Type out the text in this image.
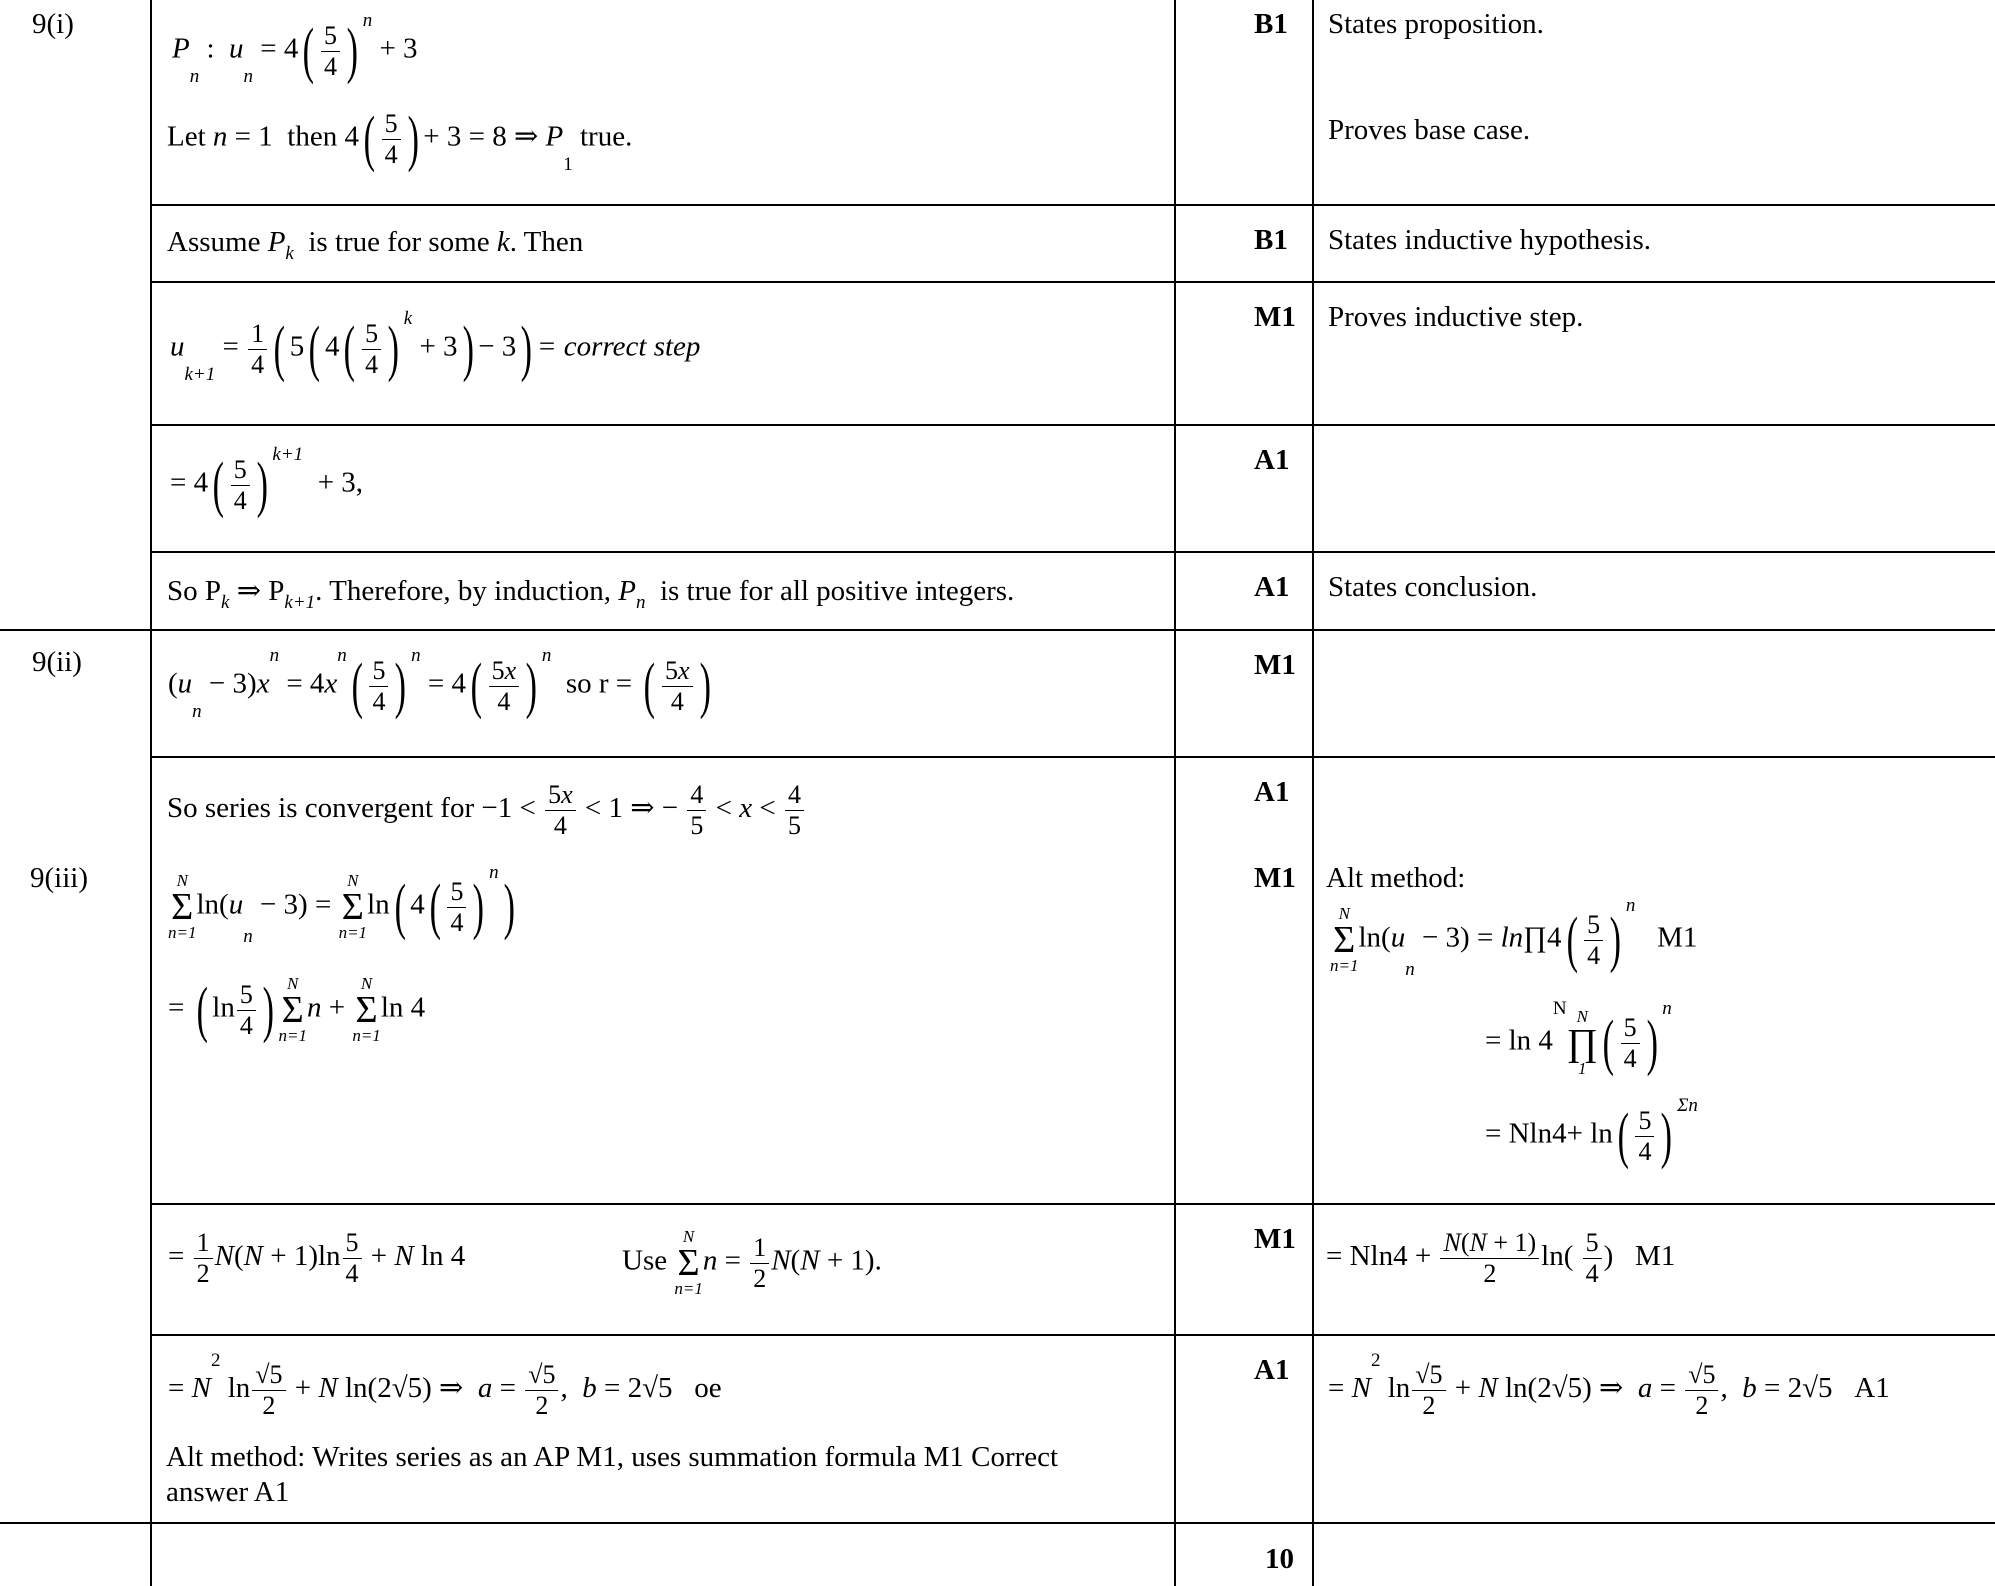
9(i)
9(ii)
9(iii)
B1
B1
M1
A1
A1
M1
A1
M1
M1
A1
10
States proposition.
Proves base case.
States inductive hypothesis.
Proves inductive step.
States conclusion.
Alt method:
$P_n$ :  $u_n = 4( \frac{5}{4}$ ) $^n$ + 3
Let n = 1  then $4( \frac{5}{4}$ ) + 3 = 8 ⇒ $P_1$ true.
Assume $P_k$ is true for some k. Then
$u_{k+1} = \frac{1}{4}$ ( 5( $4( \frac{5}{4}$ ) $^k$ + 3) − 3) = correct step
= $4( \frac{5}{4}$ ) $^{k+1}$  + 3,
So $P_k$ ⇒ $P_{k+1}$. Therefore, by induction, $P_n$ is true for all positive integers.
$(u_n - 3)x^n = 4x^n( \frac{5}{4}$ ) $^n = 4( \frac{5x}{4}$ ) $^n$  so r = ( $\frac{5x}{4}$ )
So series is convergent for $-1 < \frac{5x}{4} < 1$ ⇒ − $\frac{4}{5} < x < \frac{4}{5}$
N
Σ
n=1
$\ln(u_n - 3)$ =
N
Σ
n=1
ln( $4( \frac{5}{4} )^n$)
= ( $\ln \frac{5}{4}$ ) N
Σ
n=1
n +
N
Σ
n=1
ln 4
N
Σ
n=1
$\ln(u_n - 3)$ = ln∏4( $\frac{5}{4} )^n$   M1
= $\ln 4^N$ N
∏
1 ( $\frac{5}{4} )^n$
= $Nln4+ \ln( \frac{5}{4}$ ) $^{\Sigma n}$
= $\frac{1}{2} N(N + 1)\ln \frac{5}{4} + N$ ln 4	Use
N
Σ
n=1
$n = \frac{1}{2} N(N + 1)$.	= $Nln4 + \frac{N(N + 1)}{2} \ln( \frac{5}{4}$ )   M1
= $N^2$ $\ln \frac{√5}{2} + N$ ln(2√5) ⇒  $a = \frac{√5}{2}$ ,  b = 2√5   oe
Alt method: Writes series as an AP M1, uses summation formula M1 Correct
answer A1
= $N^2$ $\ln \frac{√5}{2} + N$ ln(2√5) ⇒  $a = \frac{√5}{2}$ ,  b = 2√5   A1
